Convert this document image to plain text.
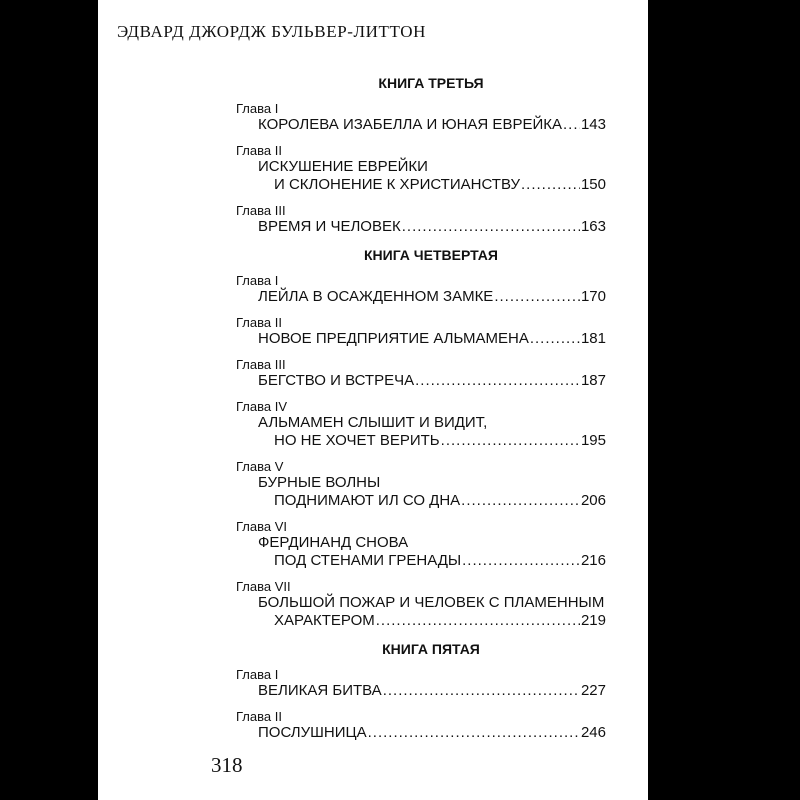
ЭДВАРД ДЖОРДЖ БУЛЬВЕР-ЛИТТОН
КНИГА ТРЕТЬЯ
Глава I
КОРОЛЕВА ИЗАБЕЛЛА И ЮНАЯ ЕВРЕЙКА ..... 143
Глава II
ИСКУШЕНИЕ ЕВРЕЙКИ
И СКЛОНЕНИЕ К ХРИСТИАНСТВУ .....	150
Глава III
ВРЕМЯ И ЧЕЛОВЕК .....	163
КНИГА ЧЕТВЕРТАЯ
Глава I
ЛЕЙЛА В ОСАЖДЕННОМ ЗАМКЕ .....	170
Глава II
НОВОЕ ПРЕДПРИЯТИЕ АЛЬМАМЕНА .....	181
Глава III
БЕГСТВО И ВСТРЕЧА .....	187
Глава IV
АЛЬМАМЕН СЛЫШИТ И ВИДИТ,
НО НЕ ХОЧЕТ ВЕРИТЬ .....	195
Глава V
БУРНЫЕ ВОЛНЫ
ПОДНИМАЮТ ИЛ СО ДНА .....	206
Глава VI
ФЕРДИНАНД СНОВА
ПОД СТЕНАМИ ГРЕНАДЫ .....	216
Глава VII
БОЛЬШОЙ ПОЖАР И ЧЕЛОВЕК С ПЛАМЕННЫМ
ХАРАКТЕРОМ .....	219
КНИГА ПЯТАЯ
Глава I
ВЕЛИКАЯ БИТВА .....	227
Глава II
ПОСЛУШНИЦА .....	246
318
